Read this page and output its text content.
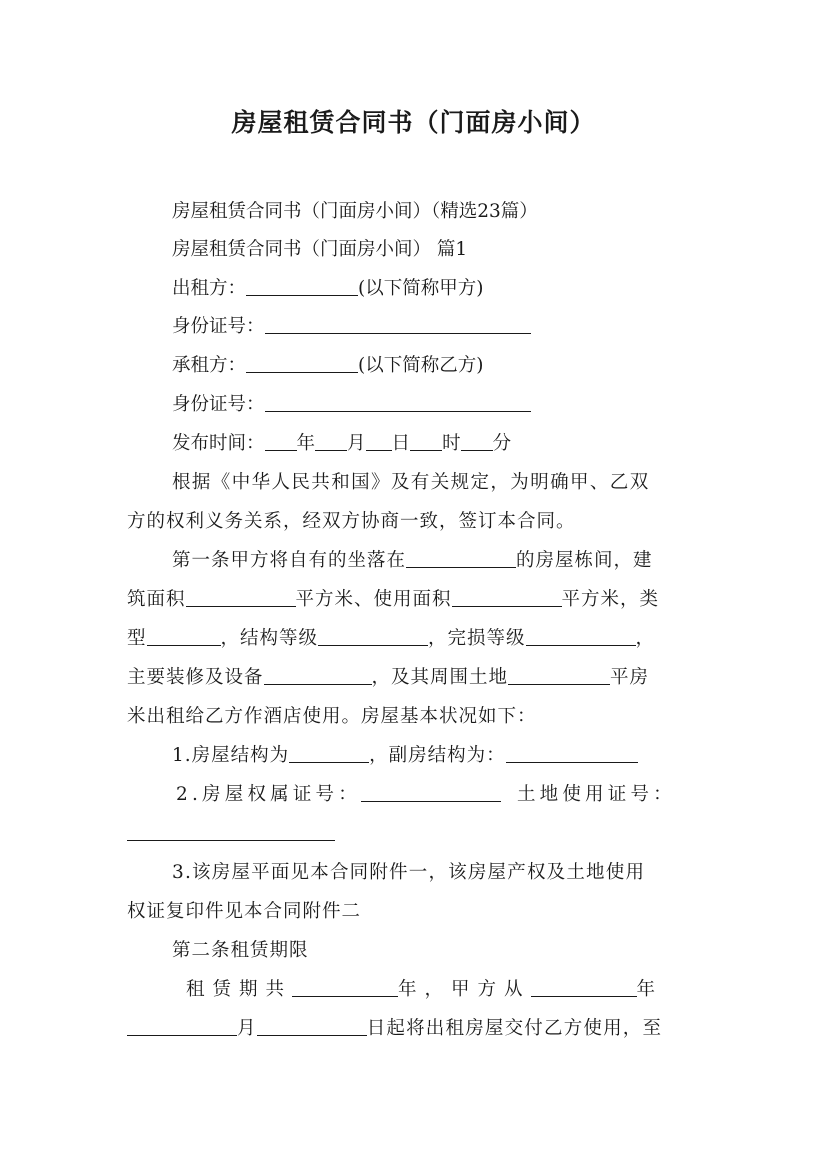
房屋租赁合同书（门面房小间）
房屋租赁合同书（门面房小间）（精选23篇）
房屋租赁合同书（门面房小间） 篇1
出租方：	(以下简称甲方)
身份证号：
承租方：	(以下简称乙方)
身份证号：
发布时间： 年 月 日 时 分
根据《中华人民共和国》及有关规定，为明确甲、乙双
方的权利义务关系，经双方协商一致，签订本合同。
第一条甲方将自有的坐落在	的房屋栋间，建
筑面积	平方米、使用面积	平方米，类
型	，结构等级	，完损等级	，
主要装修及设备	，及其周围土地	平房
米出租给乙方作酒店使用。房屋基本状况如下：
1.房屋结构为	，副房结构为：
2.房屋权属证号：	土地使用证号：
3.该房屋平面见本合同附件一，该房屋产权及土地使用
权证复印件见本合同附件二
第二条租赁期限
租赁期共	年，甲方从	年
月	日起将出租房屋交付乙方使用，至
